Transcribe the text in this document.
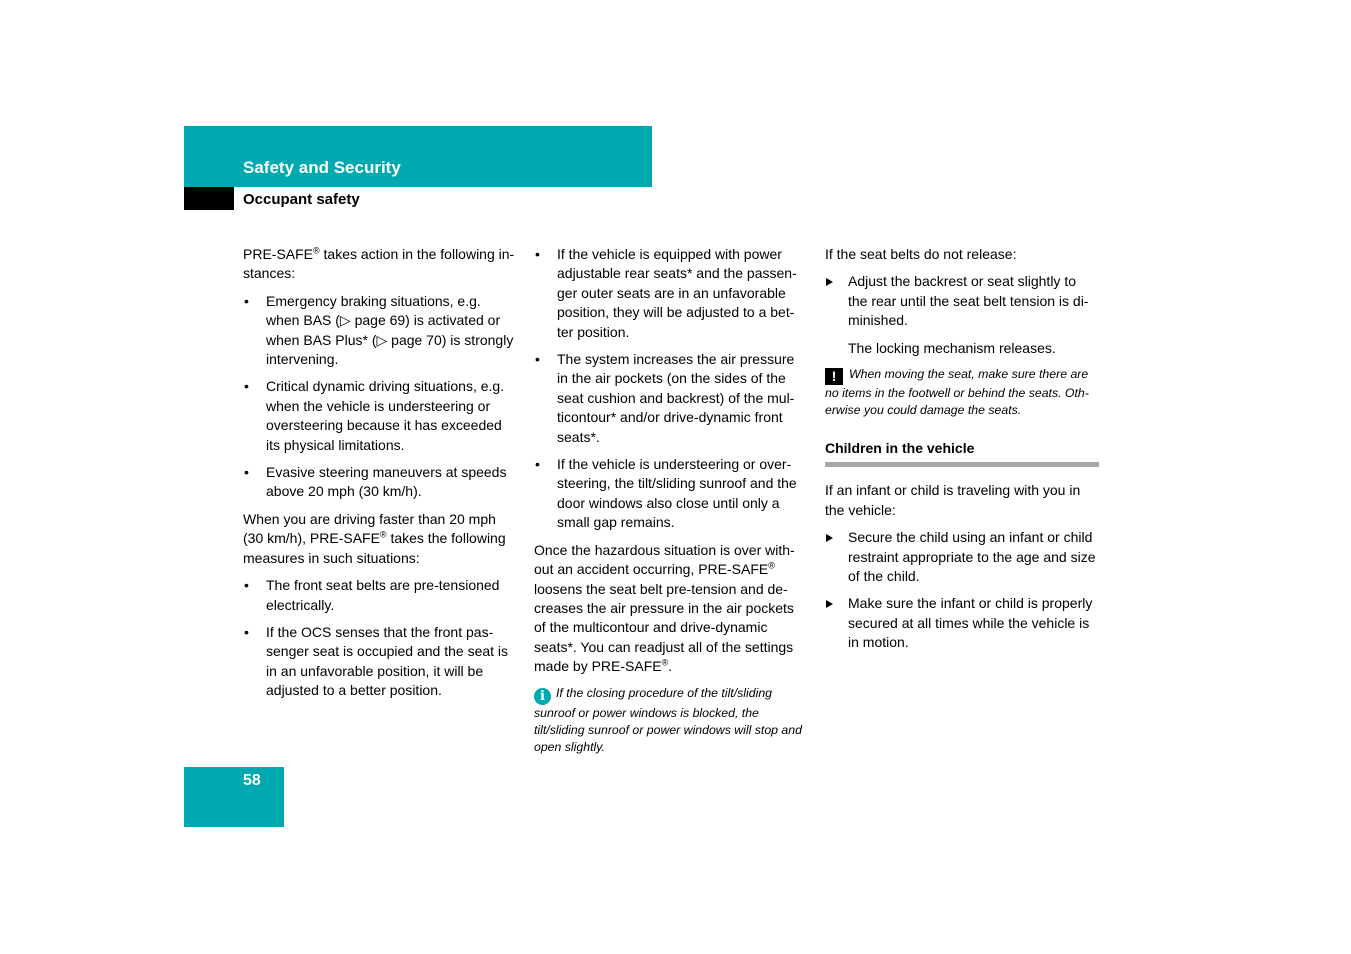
Safety and Security
Occupant safety

PRE-SAFE® takes action in the following in-stances:

• Emergency braking situations, e.g. when BAS (▷ page 69) is activated or when BAS Plus* (▷ page 70) is strongly intervening.
• Critical dynamic driving situations, e.g. when the vehicle is understeering or oversteering because it has exceeded its physical limitations.
• Evasive steering maneuvers at speeds above 20 mph (30 km/h).

When you are driving faster than 20 mph (30 km/h), PRE-SAFE® takes the following measures in such situations:

• The front seat belts are pre-tensioned electrically.
• If the OCS senses that the front pas-senger seat is occupied and the seat is in an unfavorable position, it will be adjusted to a better position.
• If the vehicle is equipped with power adjustable rear seats* and the passen-ger outer seats are in an unfavorable position, they will be adjusted to a bet-ter position.
• The system increases the air pressure in the air pockets (on the sides of the seat cushion and backrest) of the mul-ticontour* and/or drive-dynamic front seats*.
• If the vehicle is understeering or over-steering, the tilt/sliding sunroof and the door windows also close until only a small gap remains.

Once the hazardous situation is over with-out an accident occurring, PRE-SAFE® loosens the seat belt pre-tension and de-creases the air pressure in the air pockets of the multicontour and drive-dynamic seats*. You can readjust all of the settings made by PRE-SAFE®.

i If the closing procedure of the tilt/sliding sunroof or power windows is blocked, the tilt/sliding sunroof or power windows will stop and open slightly.

If the seat belts do not release:

Adjust the backrest or seat slightly to the rear until the seat belt tension is di-minished.
The locking mechanism releases.
! When moving the seat, make sure there are no items in the footwell or behind the seats. Oth-erwise you could damage the seats.
Children in the vehicle

If an infant or child is traveling with you in the vehicle:

Secure the child using an infant or child restraint appropriate to the age and size of the child.
Make sure the infant or child is properly secured at all times while the vehicle is in motion.
58
